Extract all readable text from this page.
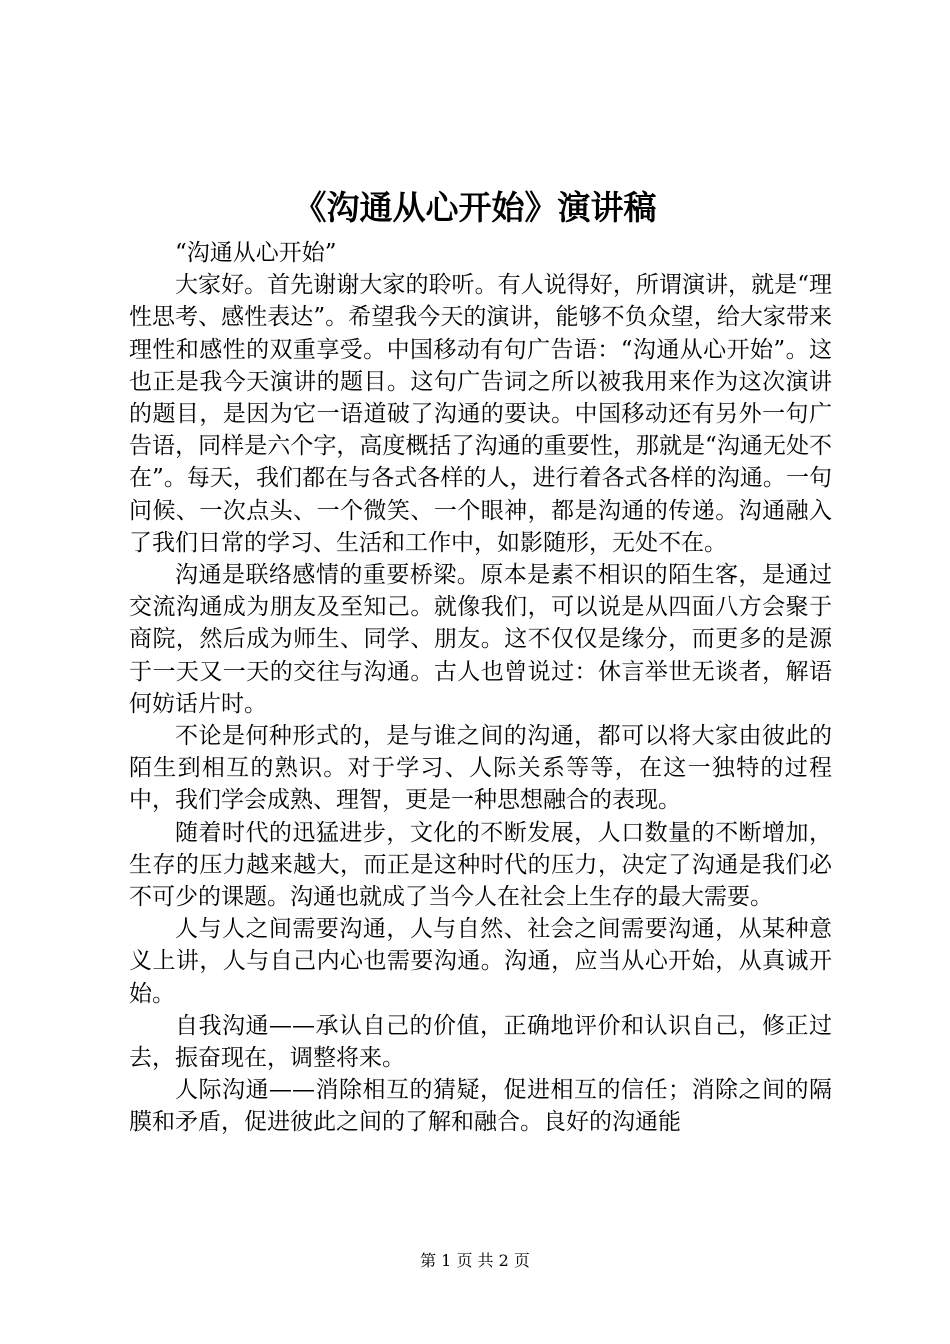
《沟通从心开始》演讲稿

“沟通从心开始”

大家好。首先谢谢大家的聆听。有人说得好，所谓演讲，就是“理性思考、感性表达”。希望我今天的演讲，能够不负众望，给大家带来理性和感性的双重享受。中国移动有句广告语：“沟通从心开始”。这也正是我今天演讲的题目。这句广告词之所以被我用来作为这次演讲的题目，是因为它一语道破了沟通的要诀。中国移动还有另外一句广告语，同样是六个字，高度概括了沟通的重要性，那就是“沟通无处不在”。每天，我们都在与各式各样的人，进行着各式各样的沟通。一句问候、一次点头、一个微笑、一个眼神，都是沟通的传递。沟通融入了我们日常的学习、生活和工作中，如影随形，无处不在。

沟通是联络感情的重要桥梁。原本是素不相识的陌生客，是通过交流沟通成为朋友及至知己。就像我们，可以说是从四面八方会聚于商院，然后成为师生、同学、朋友。这不仅仅是缘分，而更多的是源于一天又一天的交往与沟通。古人也曾说过：休言举世无谈者，解语何妨话片时。

不论是何种形式的，是与谁之间的沟通，都可以将大家由彼此的陌生到相互的熟识。对于学习、人际关系等等，在这一独特的过程中，我们学会成熟、理智，更是一种思想融合的表现。

随着时代的迅猛进步，文化的不断发展，人口数量的不断增加，生存的压力越来越大，而正是这种时代的压力，决定了沟通是我们必不可少的课题。沟通也就成了当今人在社会上生存的最大需要。

人与人之间需要沟通，人与自然、社会之间需要沟通，从某种意义上讲，人与自己内心也需要沟通。沟通，应当从心开始，从真诚开始。

自我沟通——承认自己的价值，正确地评价和认识自己，修正过去，振奋现在，调整将来。

人际沟通——消除相互的猜疑，促进相互的信任；消除之间的隔膜和矛盾，促进彼此之间的了解和融合。良好的沟通能

第 1 页 共 2 页
